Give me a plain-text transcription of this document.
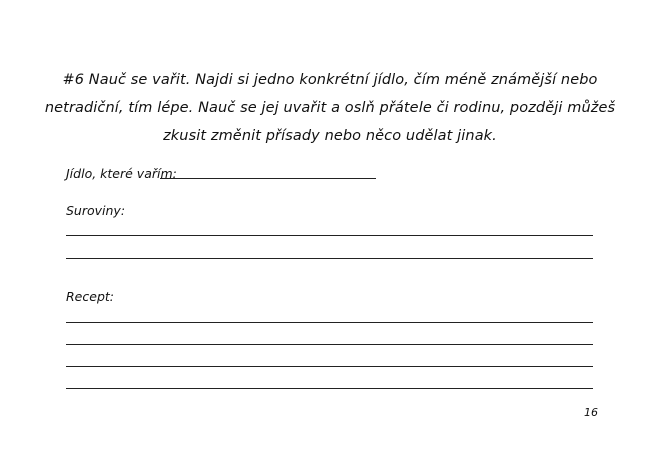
#6 Nauč se vařit. Najdi si jedno konkrétní jídlo, čím méně známější nebo netradiční, tím lépe. Nauč se jej uvařit a oslň přátele či rodinu, později můžeš zkusit změnit přísady nebo něco udělat jinak.
Jídlo, které vařím:
Suroviny:
Recept:
16
